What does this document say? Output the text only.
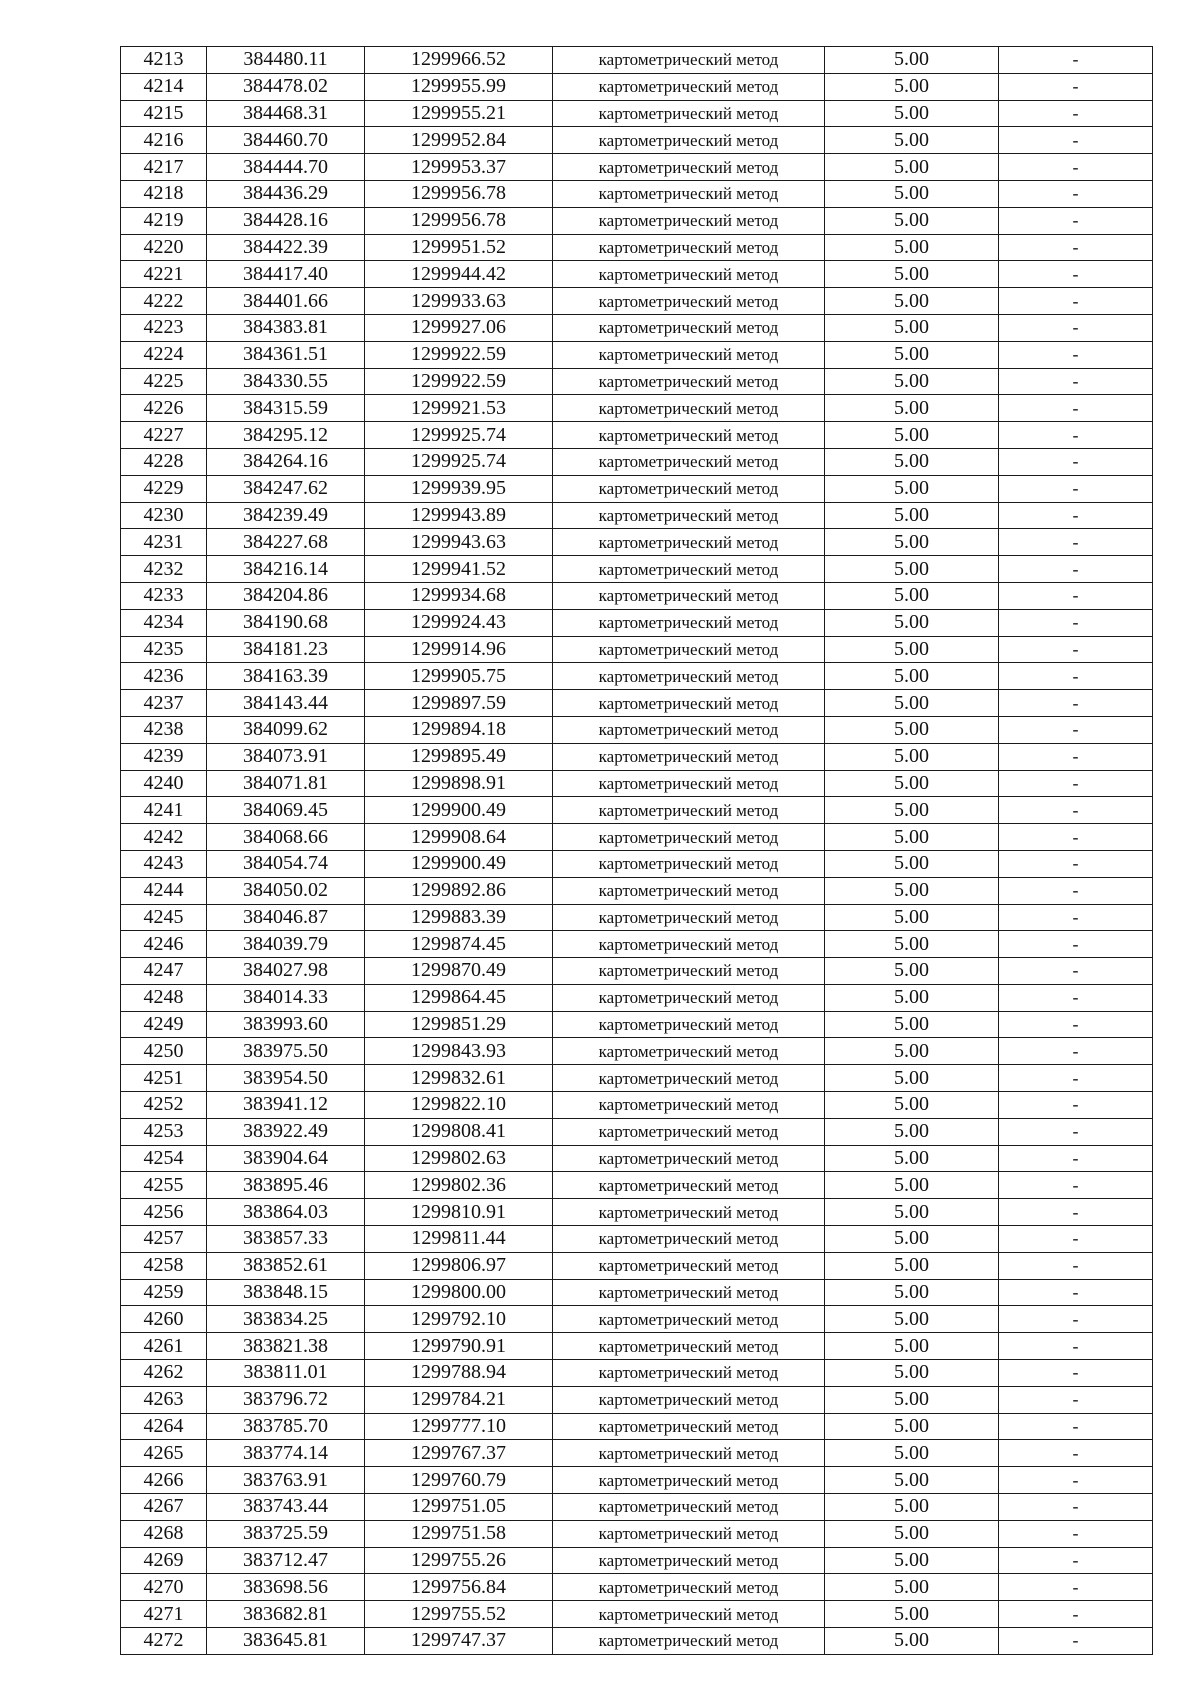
4213	384480.11	1299966.52	картометрический метод	5.00	-
4214	384478.02	1299955.99	картометрический метод	5.00	-
4215	384468.31	1299955.21	картометрический метод	5.00	-
4216	384460.70	1299952.84	картометрический метод	5.00	-
4217	384444.70	1299953.37	картометрический метод	5.00	-
4218	384436.29	1299956.78	картометрический метод	5.00	-
4219	384428.16	1299956.78	картометрический метод	5.00	-
4220	384422.39	1299951.52	картометрический метод	5.00	-
4221	384417.40	1299944.42	картометрический метод	5.00	-
4222	384401.66	1299933.63	картометрический метод	5.00	-
4223	384383.81	1299927.06	картометрический метод	5.00	-
4224	384361.51	1299922.59	картометрический метод	5.00	-
4225	384330.55	1299922.59	картометрический метод	5.00	-
4226	384315.59	1299921.53	картометрический метод	5.00	-
4227	384295.12	1299925.74	картометрический метод	5.00	-
4228	384264.16	1299925.74	картометрический метод	5.00	-
4229	384247.62	1299939.95	картометрический метод	5.00	-
4230	384239.49	1299943.89	картометрический метод	5.00	-
4231	384227.68	1299943.63	картометрический метод	5.00	-
4232	384216.14	1299941.52	картометрический метод	5.00	-
4233	384204.86	1299934.68	картометрический метод	5.00	-
4234	384190.68	1299924.43	картометрический метод	5.00	-
4235	384181.23	1299914.96	картометрический метод	5.00	-
4236	384163.39	1299905.75	картометрический метод	5.00	-
4237	384143.44	1299897.59	картометрический метод	5.00	-
4238	384099.62	1299894.18	картометрический метод	5.00	-
4239	384073.91	1299895.49	картометрический метод	5.00	-
4240	384071.81	1299898.91	картометрический метод	5.00	-
4241	384069.45	1299900.49	картометрический метод	5.00	-
4242	384068.66	1299908.64	картометрический метод	5.00	-
4243	384054.74	1299900.49	картометрический метод	5.00	-
4244	384050.02	1299892.86	картометрический метод	5.00	-
4245	384046.87	1299883.39	картометрический метод	5.00	-
4246	384039.79	1299874.45	картометрический метод	5.00	-
4247	384027.98	1299870.49	картометрический метод	5.00	-
4248	384014.33	1299864.45	картометрический метод	5.00	-
4249	383993.60	1299851.29	картометрический метод	5.00	-
4250	383975.50	1299843.93	картометрический метод	5.00	-
4251	383954.50	1299832.61	картометрический метод	5.00	-
4252	383941.12	1299822.10	картометрический метод	5.00	-
4253	383922.49	1299808.41	картометрический метод	5.00	-
4254	383904.64	1299802.63	картометрический метод	5.00	-
4255	383895.46	1299802.36	картометрический метод	5.00	-
4256	383864.03	1299810.91	картометрический метод	5.00	-
4257	383857.33	1299811.44	картометрический метод	5.00	-
4258	383852.61	1299806.97	картометрический метод	5.00	-
4259	383848.15	1299800.00	картометрический метод	5.00	-
4260	383834.25	1299792.10	картометрический метод	5.00	-
4261	383821.38	1299790.91	картометрический метод	5.00	-
4262	383811.01	1299788.94	картометрический метод	5.00	-
4263	383796.72	1299784.21	картометрический метод	5.00	-
4264	383785.70	1299777.10	картометрический метод	5.00	-
4265	383774.14	1299767.37	картометрический метод	5.00	-
4266	383763.91	1299760.79	картометрический метод	5.00	-
4267	383743.44	1299751.05	картометрический метод	5.00	-
4268	383725.59	1299751.58	картометрический метод	5.00	-
4269	383712.47	1299755.26	картометрический метод	5.00	-
4270	383698.56	1299756.84	картометрический метод	5.00	-
4271	383682.81	1299755.52	картометрический метод	5.00	-
4272	383645.81	1299747.37	картометрический метод	5.00	-
